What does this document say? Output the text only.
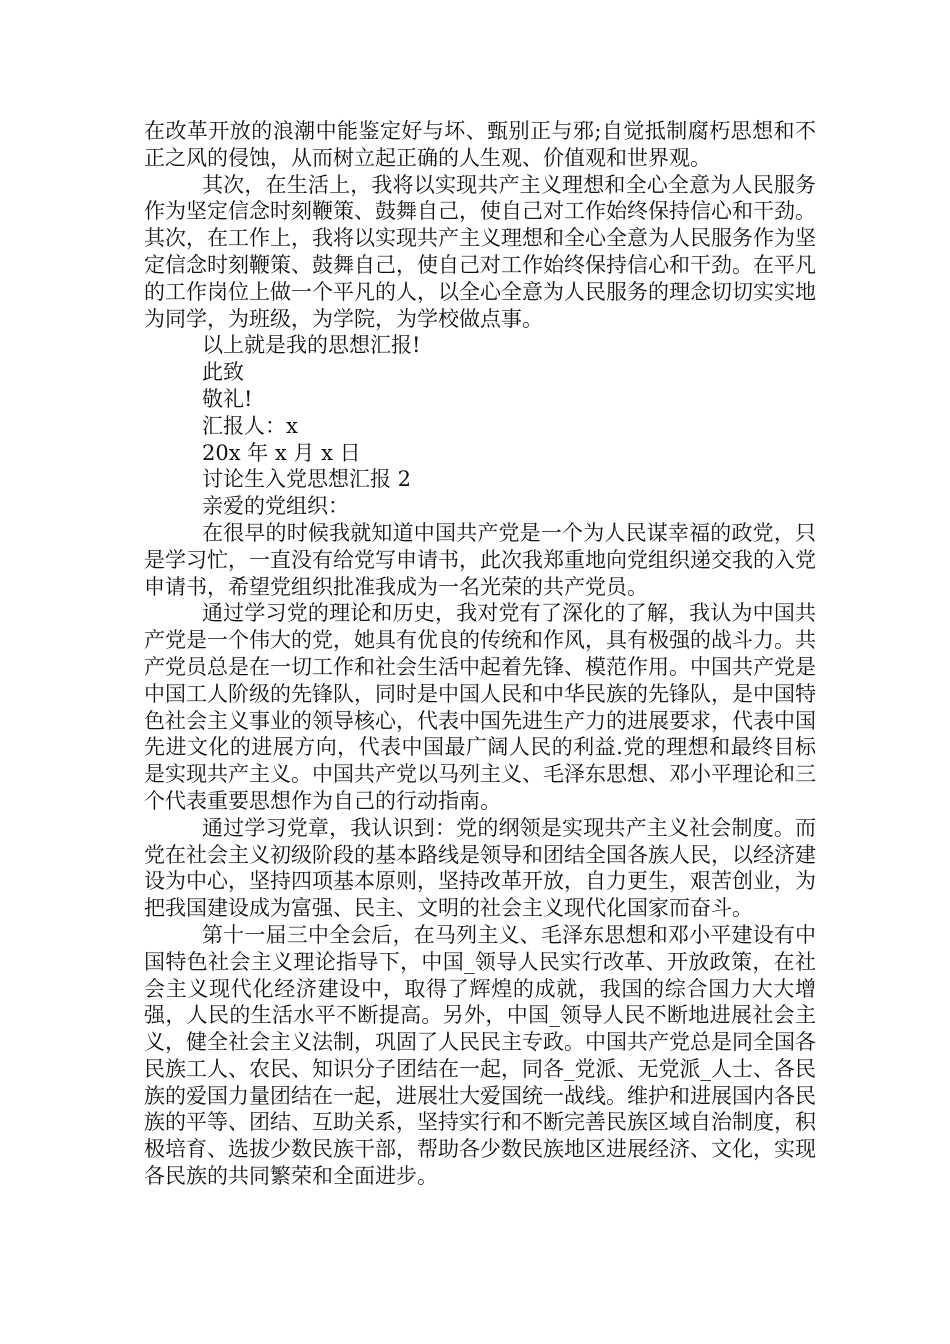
在改革开放的浪潮中能鉴定好与坏、甄别正与邪;自觉抵制腐朽思想和不正之风的侵蚀，从而树立起正确的人生观、价值观和世界观。

其次，在生活上，我将以实现共产主义理想和全心全意为人民服务作为坚定信念时刻鞭策、鼓舞自己，使自己对工作始终保持信心和干劲。其次，在工作上，我将以实现共产主义理想和全心全意为人民服务作为坚定信念时刻鞭策、鼓舞自己，使自己对工作始终保持信心和干劲。在平凡的工作岗位上做一个平凡的人，以全心全意为人民服务的理念切切实实地为同学，为班级，为学院，为学校做点事。

以上就是我的思想汇报!

此致

敬礼!

汇报人：x

20x 年 x 月 x 日

讨论生入党思想汇报 2

亲爱的党组织：

在很早的时候我就知道中国共产党是一个为人民谋幸福的政党，只是学习忙，一直没有给党写申请书，此次我郑重地向党组织递交我的入党申请书，希望党组织批准我成为一名光荣的共产党员。

通过学习党的理论和历史，我对党有了深化的了解，我认为中国共产党是一个伟大的党，她具有优良的传统和作风，具有极强的战斗力。共产党员总是在一切工作和社会生活中起着先锋、模范作用。中国共产党是中国工人阶级的先锋队，同时是中国人民和中华民族的先锋队，是中国特色社会主义事业的领导核心，代表中国先进生产力的进展要求，代表中国先进文化的进展方向，代表中国最广阔人民的利益.党的理想和最终目标是实现共产主义。中国共产党以马列主义、毛泽东思想、邓小平理论和三个代表重要思想作为自己的行动指南。

通过学习党章，我认识到：党的纲领是实现共产主义社会制度。而党在社会主义初级阶段的基本路线是领导和团结全国各族人民，以经济建设为中心，坚持四项基本原则，坚持改革开放，自力更生，艰苦创业，为把我国建设成为富强、民主、文明的社会主义现代化国家而奋斗。

第十一届三中全会后，在马列主义、毛泽东思想和邓小平建设有中国特色社会主义理论指导下，中国_领导人民实行改革、开放政策，在社会主义现代化经济建设中，取得了辉煌的成就，我国的综合国力大大增强，人民的生活水平不断提高。另外，中国_领导人民不断地进展社会主义，健全社会主义法制，巩固了人民民主专政。中国共产党总是同全国各民族工人、农民、知识分子团结在一起，同各_党派、无党派_人士、各民族的爱国力量团结在一起，进展壮大爱国统一战线。维护和进展国内各民族的平等、团结、互助关系，坚持实行和不断完善民族区域自治制度，积极培育、选拔少数民族干部，帮助各少数民族地区进展经济、文化，实现各民族的共同繁荣和全面进步。
